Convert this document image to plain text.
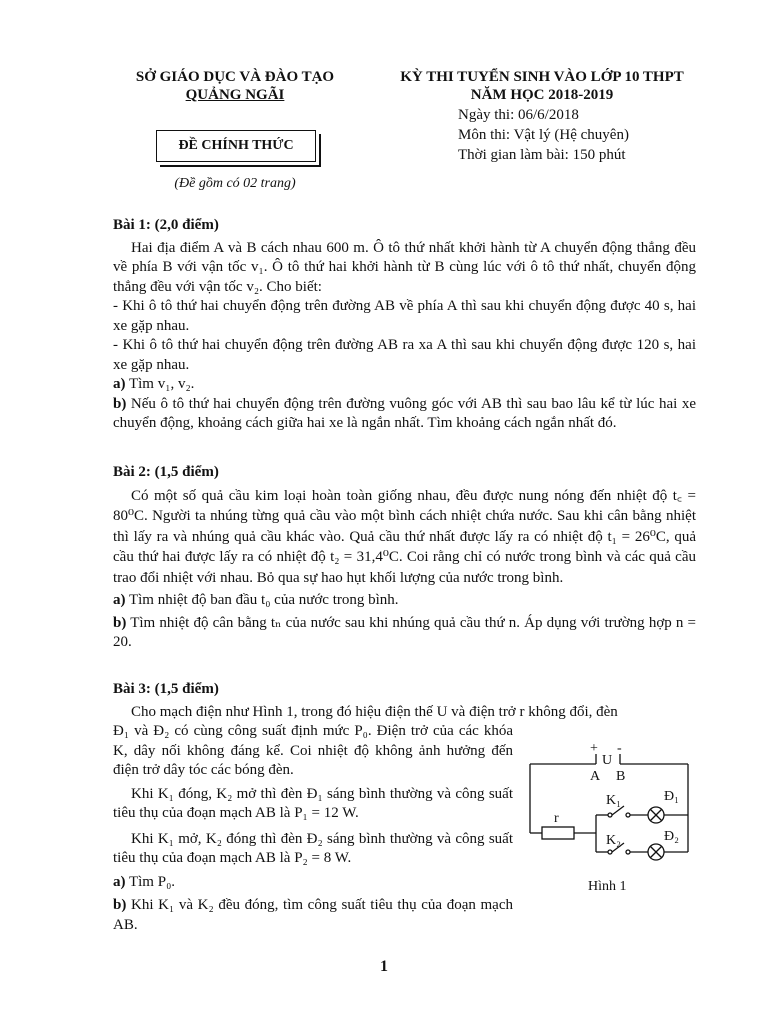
SỞ GIÁO DỤC VÀ ĐÀO TẠO
QUẢNG NGÃI
KỲ THI TUYỂN SINH VÀO LỚP 10 THPT
NĂM HỌC 2018-2019
Ngày thi: 06/6/2018
Môn thi: Vật lý (Hệ chuyên)
Thời gian làm bài: 150 phút
ĐỀ CHÍNH THỨC
(Đề gồm có 02 trang)

Bài 1: (2,0 điểm)

Hai địa điểm A và B cách nhau 600 m. Ô tô thứ nhất khởi hành từ A chuyển động thẳng đều về phía B với vận tốc v₁. Ô tô thứ hai khởi hành từ B cùng lúc với ô tô thứ nhất, chuyển động thẳng đều với vận tốc v₂. Cho biết:

- Khi ô tô thứ hai chuyển động trên đường AB về phía A thì sau khi chuyển động được 40 s, hai xe gặp nhau.

- Khi ô tô thứ hai chuyển động trên đường AB ra xa A thì sau khi chuyển động được 120 s, hai xe gặp nhau.

a) Tìm v₁, v₂.

b) Nếu ô tô thứ hai chuyển động trên đường vuông góc với AB thì sau bao lâu kể từ lúc hai xe chuyển động, khoảng cách giữa hai xe là ngắn nhất. Tìm khoảng cách ngắn nhất đó.

Bài 2: (1,5 điểm)

Có một số quả cầu kim loại hoàn toàn giống nhau, đều được nung nóng đến nhiệt độ t꜀ = 80⁰C. Người ta nhúng từng quả cầu vào một bình cách nhiệt chứa nước. Sau khi cân bằng nhiệt thì lấy ra và nhúng quả cầu khác vào. Quả cầu thứ nhất được lấy ra có nhiệt độ t₁ = 26⁰C, quả cầu thứ hai được lấy ra có nhiệt độ t₂ = 31,4⁰C. Coi rằng chỉ có nước trong bình và các quả cầu trao đổi nhiệt với nhau. Bỏ qua sự hao hụt khối lượng của nước trong bình.

a) Tìm nhiệt độ ban đầu t₀ của nước trong bình.

b) Tìm nhiệt độ cân bằng tₙ của nước sau khi nhúng quả cầu thứ n. Áp dụng với trường hợp n = 20.

Bài 3: (1,5 điểm)

Cho mạch điện như Hình 1, trong đó hiệu điện thế U và điện trở r không đổi, đèn

Đ₁ và Đ₂ có cùng công suất định mức P₀. Điện trở của các khóa K, dây nối không đáng kể. Coi nhiệt độ không ảnh hưởng đến điện trở dây tóc các bóng đèn.

Khi K₁ đóng, K₂ mở thì đèn Đ₁ sáng bình thường và công suất tiêu thụ của đoạn mạch AB là P₁ = 12 W.

Khi K₁ mở, K₂ đóng thì đèn Đ₂ sáng bình thường và công suất tiêu thụ của đoạn mạch AB là P₂ = 8 W.

a) Tìm P₀.

b) Khi K₁ và K₂ đều đóng, tìm công suất tiêu thụ của đoạn mạch AB.

+
U
-
A B
K₁
K₂
Đ₁
Đ₂
r
Hình 1
1
